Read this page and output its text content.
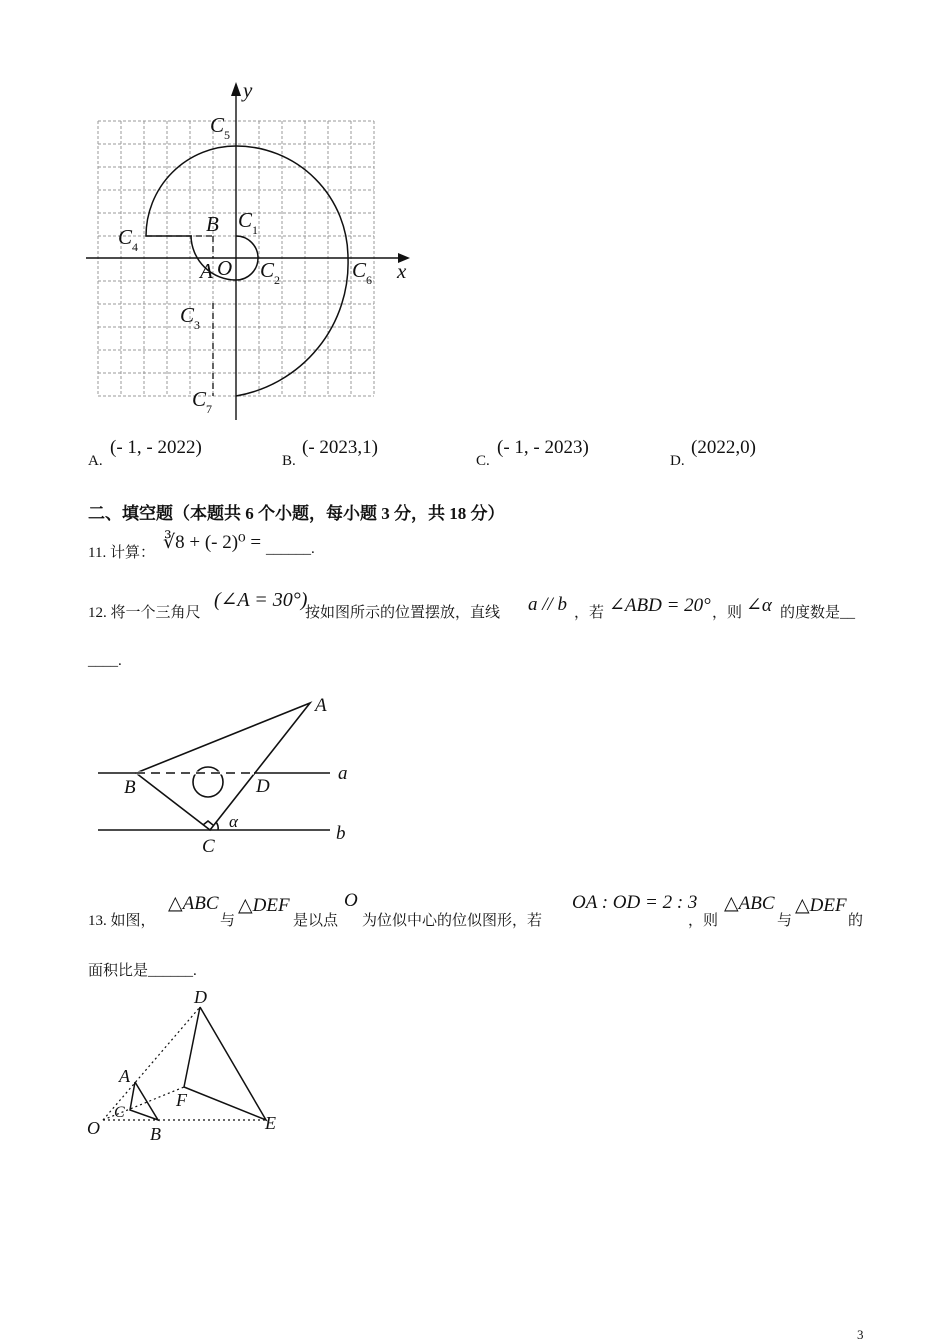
$C_5$
$C_1$
$C_4$
$C_2$	$C_6$
$C_3$
$C_7$
B
A O	x
y
A.
(- 1, - 2022)
B.
(- 2023,1)
C.
(- 1, - 2023)
D.
(2022,0)
二、填空题（本题共 6 个小题，每小题 3 分，共 18 分）
11. 计算： ∛8 + (- 2)⁰ = ______.
12. 将一个三角尺
(∠A = 30°)
按如图所示的位置摆放，直线 a // b ，若 ∠ABD = 20° ，则 ∠α 的度数是__
____.
A
B	D
C
a
b
α
13. 如图，
△ABC
与
△DEF
是以点
O
为位似中心的位似图形，若
OA : OD = 2 : 3
，则
△ABC
与
△DEF
的
面积比是______.
D
A
C
F
O	B
E
3
